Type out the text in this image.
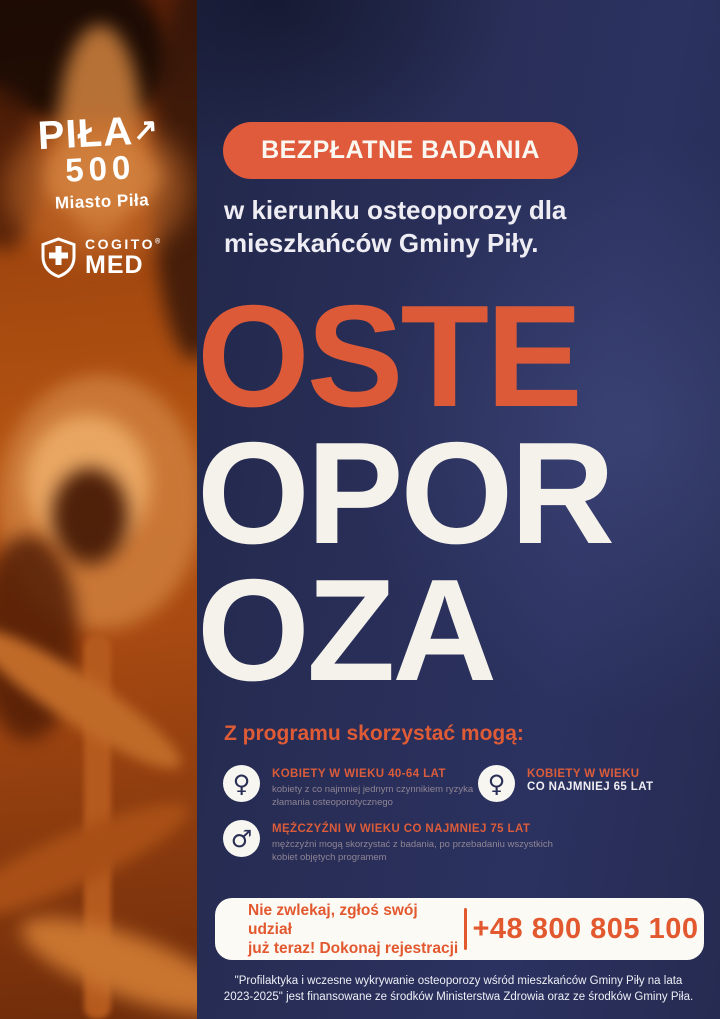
PIŁA↗
500
Miasto Piła
COGITO®
MED
BEZPŁATNE BADANIA
w kierunku osteoporozy dla
mieszkańców Gminy Piły.
OSTE
OPOR
OZA
Z programu skorzystać mogą:
♀ KOBIETY W WIEKU 40-64 LAT
kobiety z co najmniej jednym czynnikiem ryzyka złamania osteoporotycznego
♀ KOBIETY W WIEKU
CO NAJMNIEJ 65 LAT
♂ MĘŻCZYŹNI W WIEKU CO NAJMNIEJ 75 LAT
mężczyźni mogą skorzystać z badania, po przebadaniu wszystkich kobiet objętych programem
Nie zwlekaj, zgłoś swój udział
już teraz! Dokonaj rejestracji
+48 800 805 100
"Profilaktyka i wczesne wykrywanie osteoporozy wśród mieszkańców Gminy Piły na lata
2023-2025" jest finansowane ze środków Ministerstwa Zdrowia oraz ze środków Gminy Piła.
